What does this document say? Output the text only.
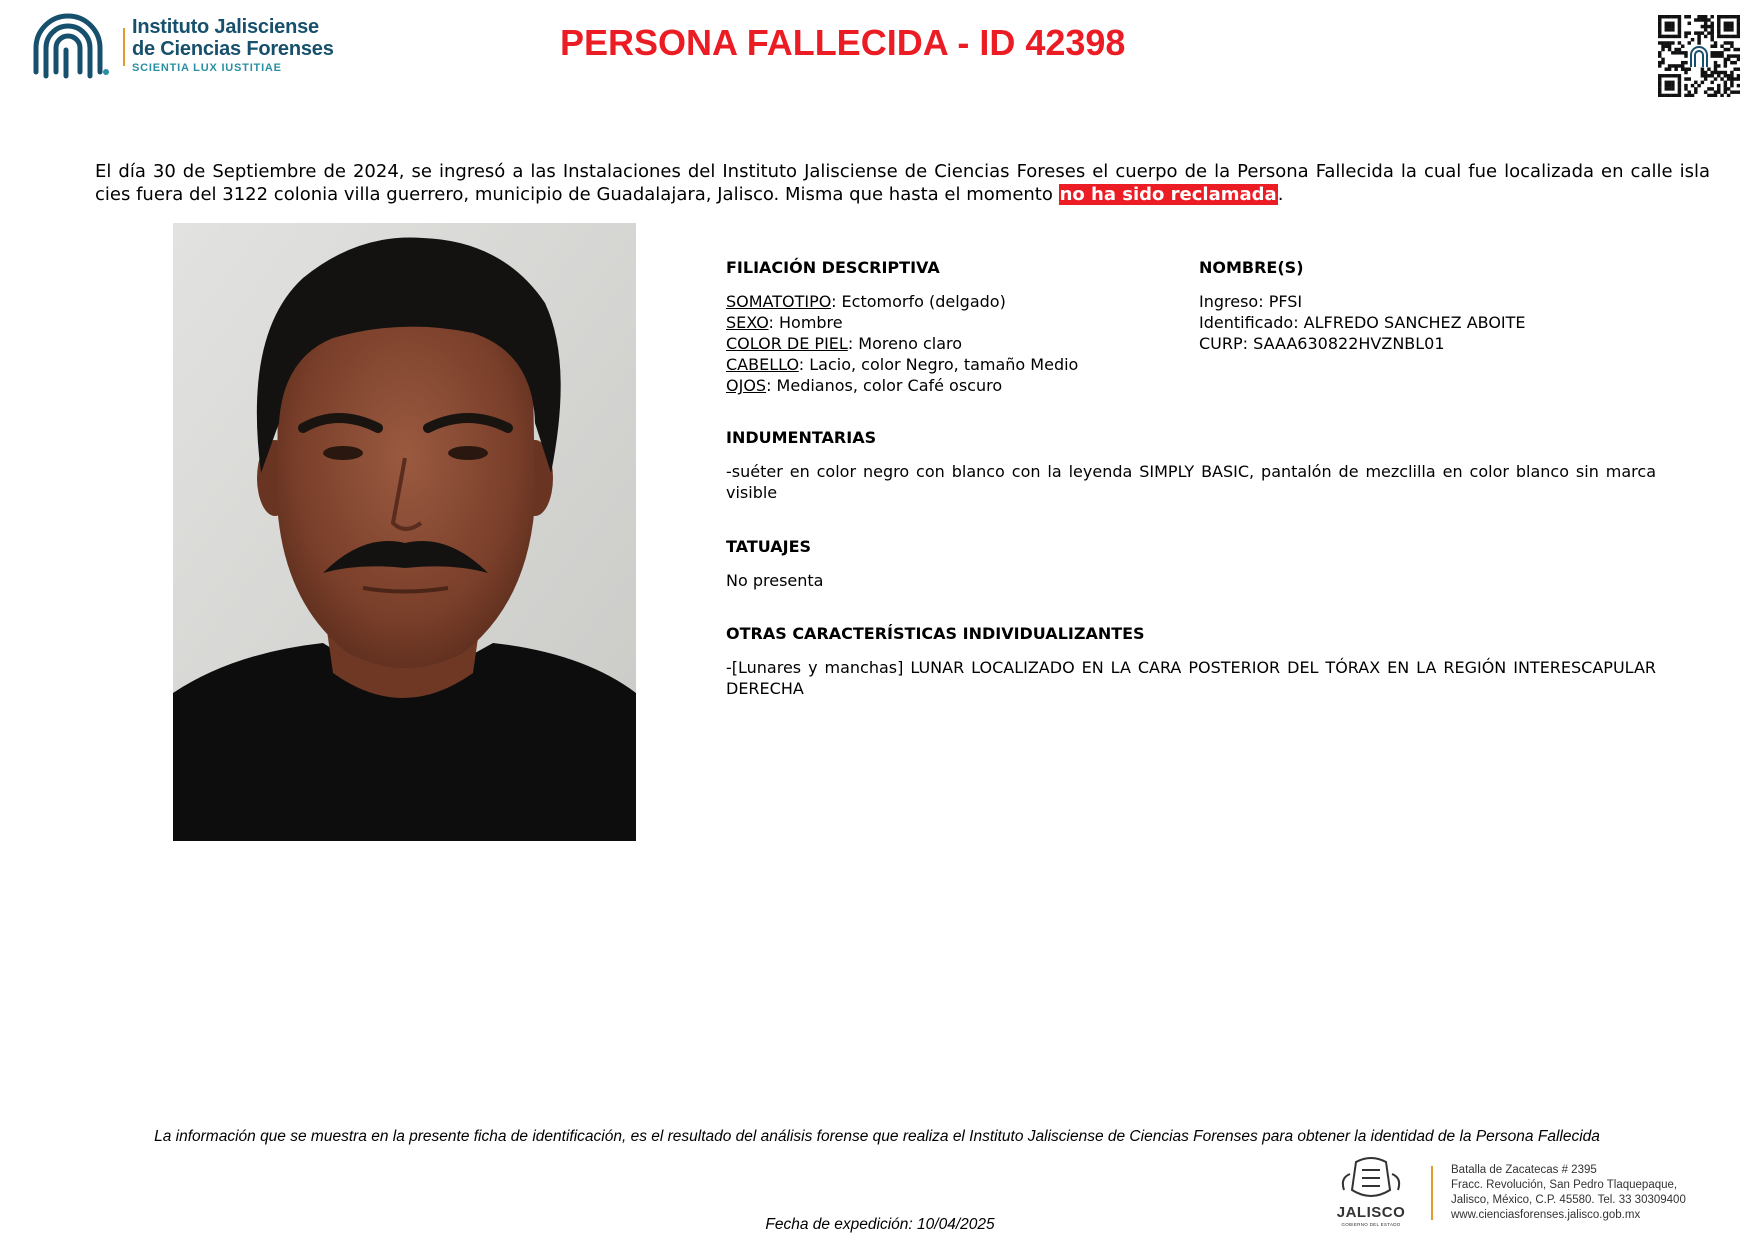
Instituto Jalisciense
de Ciencias Forenses
SCIENTIA LUX IUSTITIAE
PERSONA FALLECIDA - ID 42398
El día 30 de Septiembre de 2024, se ingresó a las Instalaciones del Instituto Jalisciense de Ciencias Foreses el cuerpo de la Persona Fallecida la cual fue localizada en calle isla cies fuera del 3122 colonia villa guerrero, municipio de Guadalajara, Jalisco. Misma que hasta el momento no ha sido reclamada.
FILIACIÓN DESCRIPTIVA
SOMATOTIPO: Ectomorfo (delgado)
SEXO: Hombre
COLOR DE PIEL: Moreno claro
CABELLO: Lacio, color Negro, tamaño Medio
OJOS: Medianos, color Café oscuro
NOMBRE(S)
Ingreso: PFSI
Identificado: ALFREDO SANCHEZ ABOITE
CURP: SAAA630822HVZNBL01
INDUMENTARIAS
-suéter en color negro con blanco con la leyenda SIMPLY BASIC, pantalón de mezclilla en color blanco sin marca visible
TATUAJES
No presenta
OTRAS CARACTERÍSTICAS INDIVIDUALIZANTES
-[Lunares y manchas] LUNAR LOCALIZADO EN LA CARA POSTERIOR DEL TÓRAX EN LA REGIÓN INTERESCAPULAR DERECHA
La información que se muestra en la presente ficha de identificación, es el resultado del análisis forense que realiza el Instituto Jalisciense de Ciencias Forenses para obtener la identidad de la Persona Fallecida
Fecha de expedición: 10/04/2025
JALISCO
GOBIERNO DEL ESTADO
Batalla de Zacatecas # 2395
Fracc. Revolución, San Pedro Tlaquepaque,
Jalisco, México, C.P. 45580. Tel. 33 30309400
www.cienciasforenses.jalisco.gob.mx
